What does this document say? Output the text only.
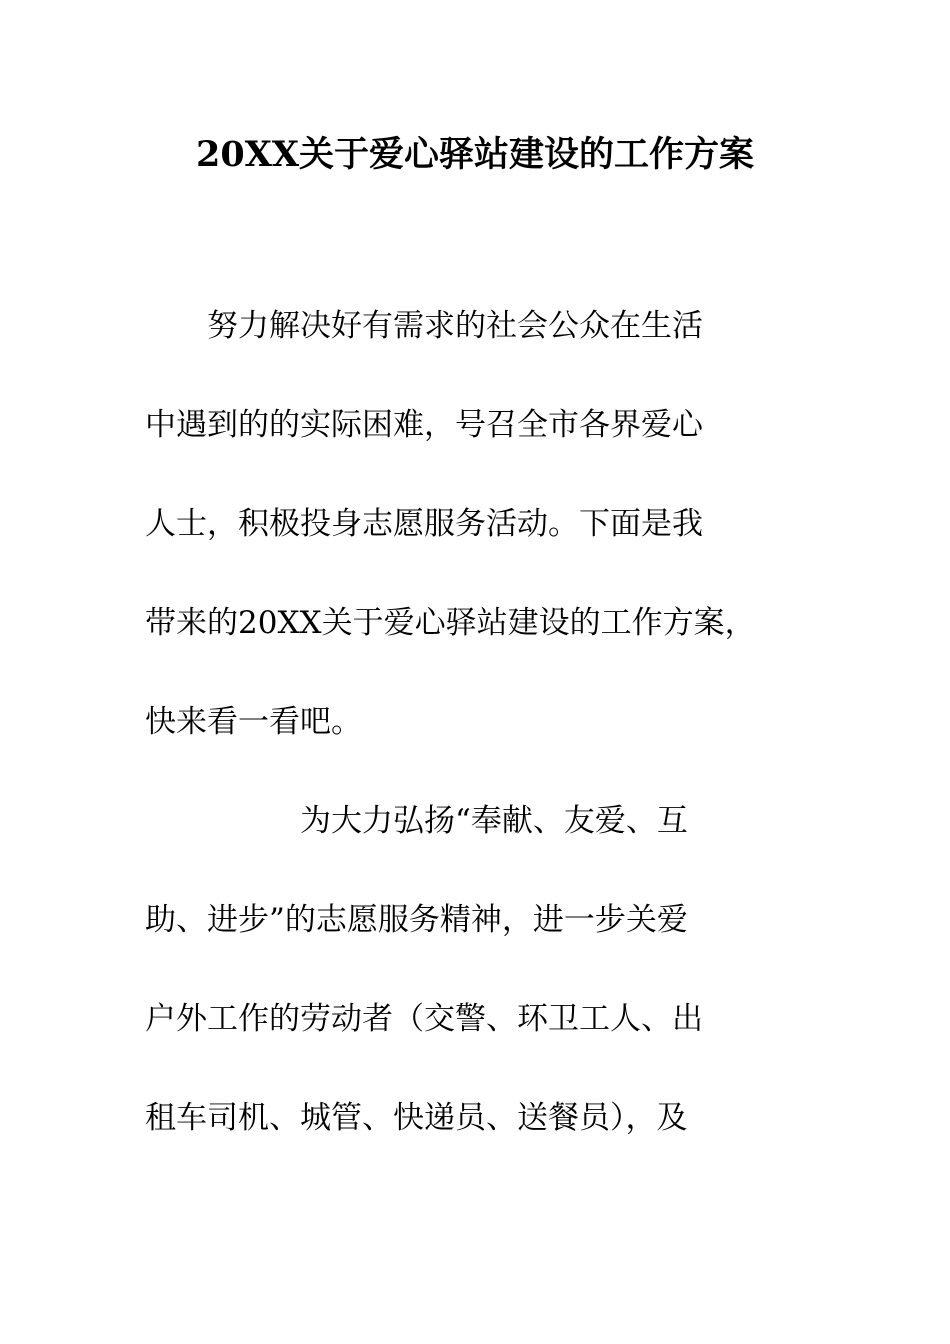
20XX关于爱心驿站建设的工作方案
　　努力解决好有需求的社会公众在生活
中遇到的的实际困难，号召全市各界爱心
人士，积极投身志愿服务活动。下面是我
带来的20XX关于爱心驿站建设的工作方案，
快来看一看吧。
　　　　　为大力弘扬“奉献、友爱、互
助、进步”的志愿服务精神，进一步关爱
户外工作的劳动者（交警、环卫工人、出
租车司机、城管、快递员、送餐员），及
